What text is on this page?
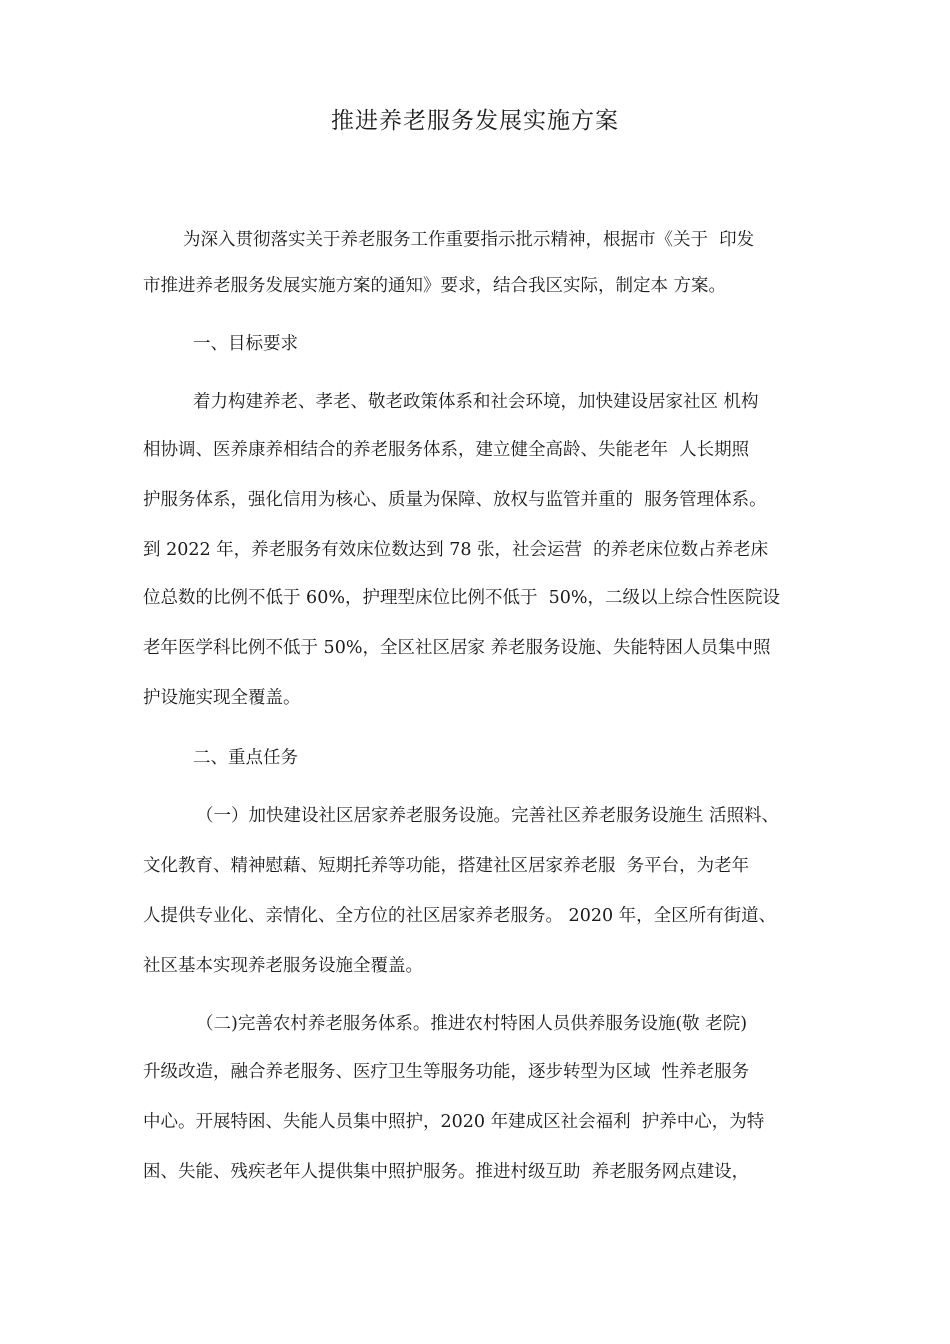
推进养老服务发展实施方案
为深入贯彻落实关于养老服务工作重要指示批示精神，根据市《关于  印发
市推进养老服务发展实施方案的通知》要求，结合我区实际，制定本 方案。
一、目标要求
着力构建养老、孝老、敬老政策体系和社会环境，加快建设居家社区 机构
相协调、医养康养相结合的养老服务体系，建立健全高龄、失能老年  人长期照
护服务体系，强化信用为核心、质量为保障、放权与监管并重的  服务管理体系。
到 2022 年，养老服务有效床位数达到 78 张，社会运营  的养老床位数占养老床
位总数的比例不低于 60%，护理型床位比例不低于  50%，二级以上综合性医院设
老年医学科比例不低于 50%，全区社区居家 养老服务设施、失能特困人员集中照
护设施实现全覆盖。
二、重点任务
（一）加快建设社区居家养老服务设施。完善社区养老服务设施生 活照料、
文化教育、精神慰藉、短期托养等功能，搭建社区居家养老服  务平台，为老年
人提供专业化、亲情化、全方位的社区居家养老服务。 2020 年，全区所有街道、
社区基本实现养老服务设施全覆盖。
（二)完善农村养老服务体系。推进农村特困人员供养服务设施(敬 老院)
升级改造，融合养老服务、医疗卫生等服务功能，逐步转型为区域  性养老服务
中心。开展特困、失能人员集中照护，2020 年建成区社会福利  护养中心，为特
困、失能、残疾老年人提供集中照护服务。推进村级互助  养老服务网点建设，
